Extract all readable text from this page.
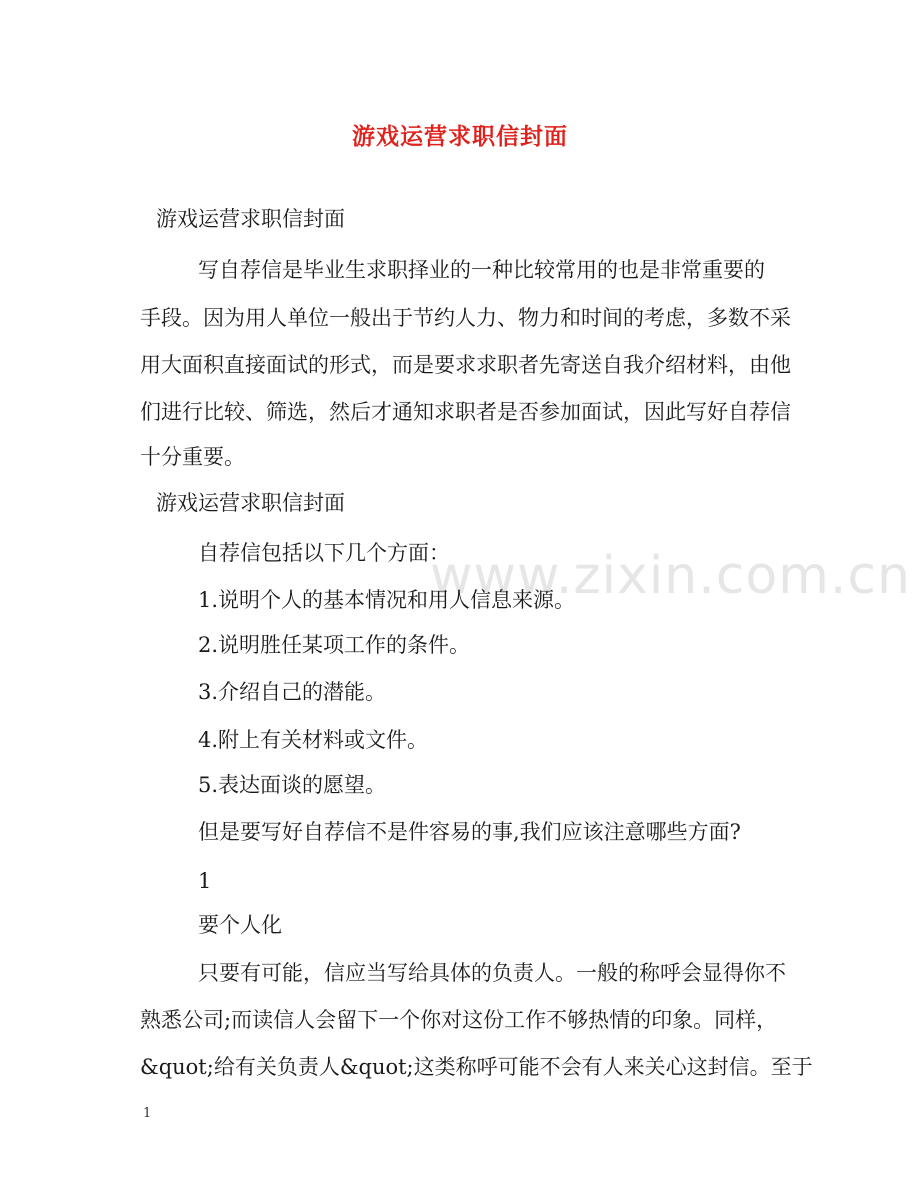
游戏运营求职信封面
www.zixin.com.cn
游戏运营求职信封面
写自荐信是毕业生求职择业的一种比较常用的也是非常重要的
手段。因为用人单位一般出于节约人力、物力和时间的考虑，多数不采
用大面积直接面试的形式，而是要求求职者先寄送自我介绍材料，由他
们进行比较、筛选，然后才通知求职者是否参加面试，因此写好自荐信
十分重要。
游戏运营求职信封面
自荐信包括以下几个方面：
1.说明个人的基本情况和用人信息来源。
2.说明胜任某项工作的条件。
3.介绍自己的潜能。
4.附上有关材料或文件。
5.表达面谈的愿望。
但是要写好自荐信不是件容易的事,我们应该注意哪些方面?
1
要个人化
只要有可能，信应当写给具体的负责人。一般的称呼会显得你不
熟悉公司;而读信人会留下一个你对这份工作不够热情的印象。同样，
&quot;给有关负责人&quot;这类称呼可能不会有人来关心这封信。至于
1
